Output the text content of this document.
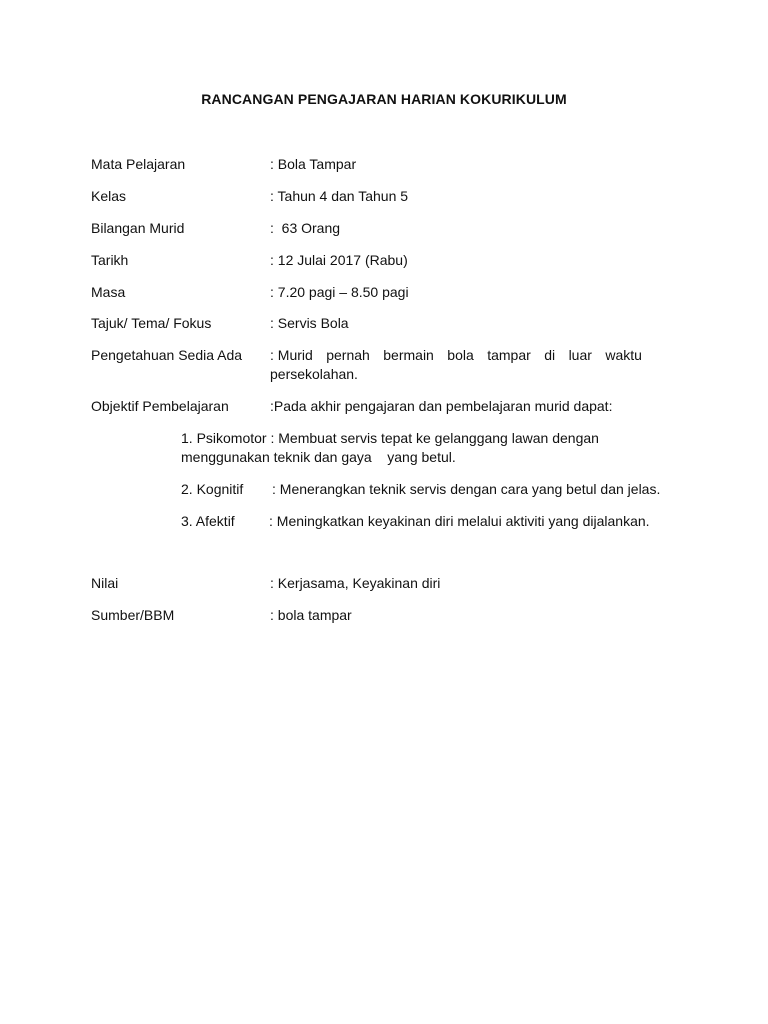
RANCANGAN PENGAJARAN HARIAN KOKURIKULUM
Mata Pelajaran	: Bola Tampar
Kelas	: Tahun 4 dan Tahun 5
Bilangan Murid	:  63 Orang
Tarikh	: 12 Julai 2017 (Rabu)
Masa	: 7.20 pagi – 8.50 pagi
Tajuk/ Tema/ Fokus	: Servis Bola
Pengetahuan Sedia Ada : Murid pernah bermain bola tampar di luar waktu
persekolahan.
Objektif Pembelajaran	:Pada akhir pengajaran dan pembelajaran murid dapat:
1. Psikomotor : Membuat servis tepat ke gelanggang lawan dengan
menggunakan teknik dan gaya    yang betul.
2. Kognitif : Menerangkan teknik servis dengan cara yang betul dan jelas.
3. Afektif : Meningkatkan keyakinan diri melalui aktiviti yang dijalankan.
Nilai	: Kerjasama, Keyakinan diri
Sumber/BBM	: bola tampar
